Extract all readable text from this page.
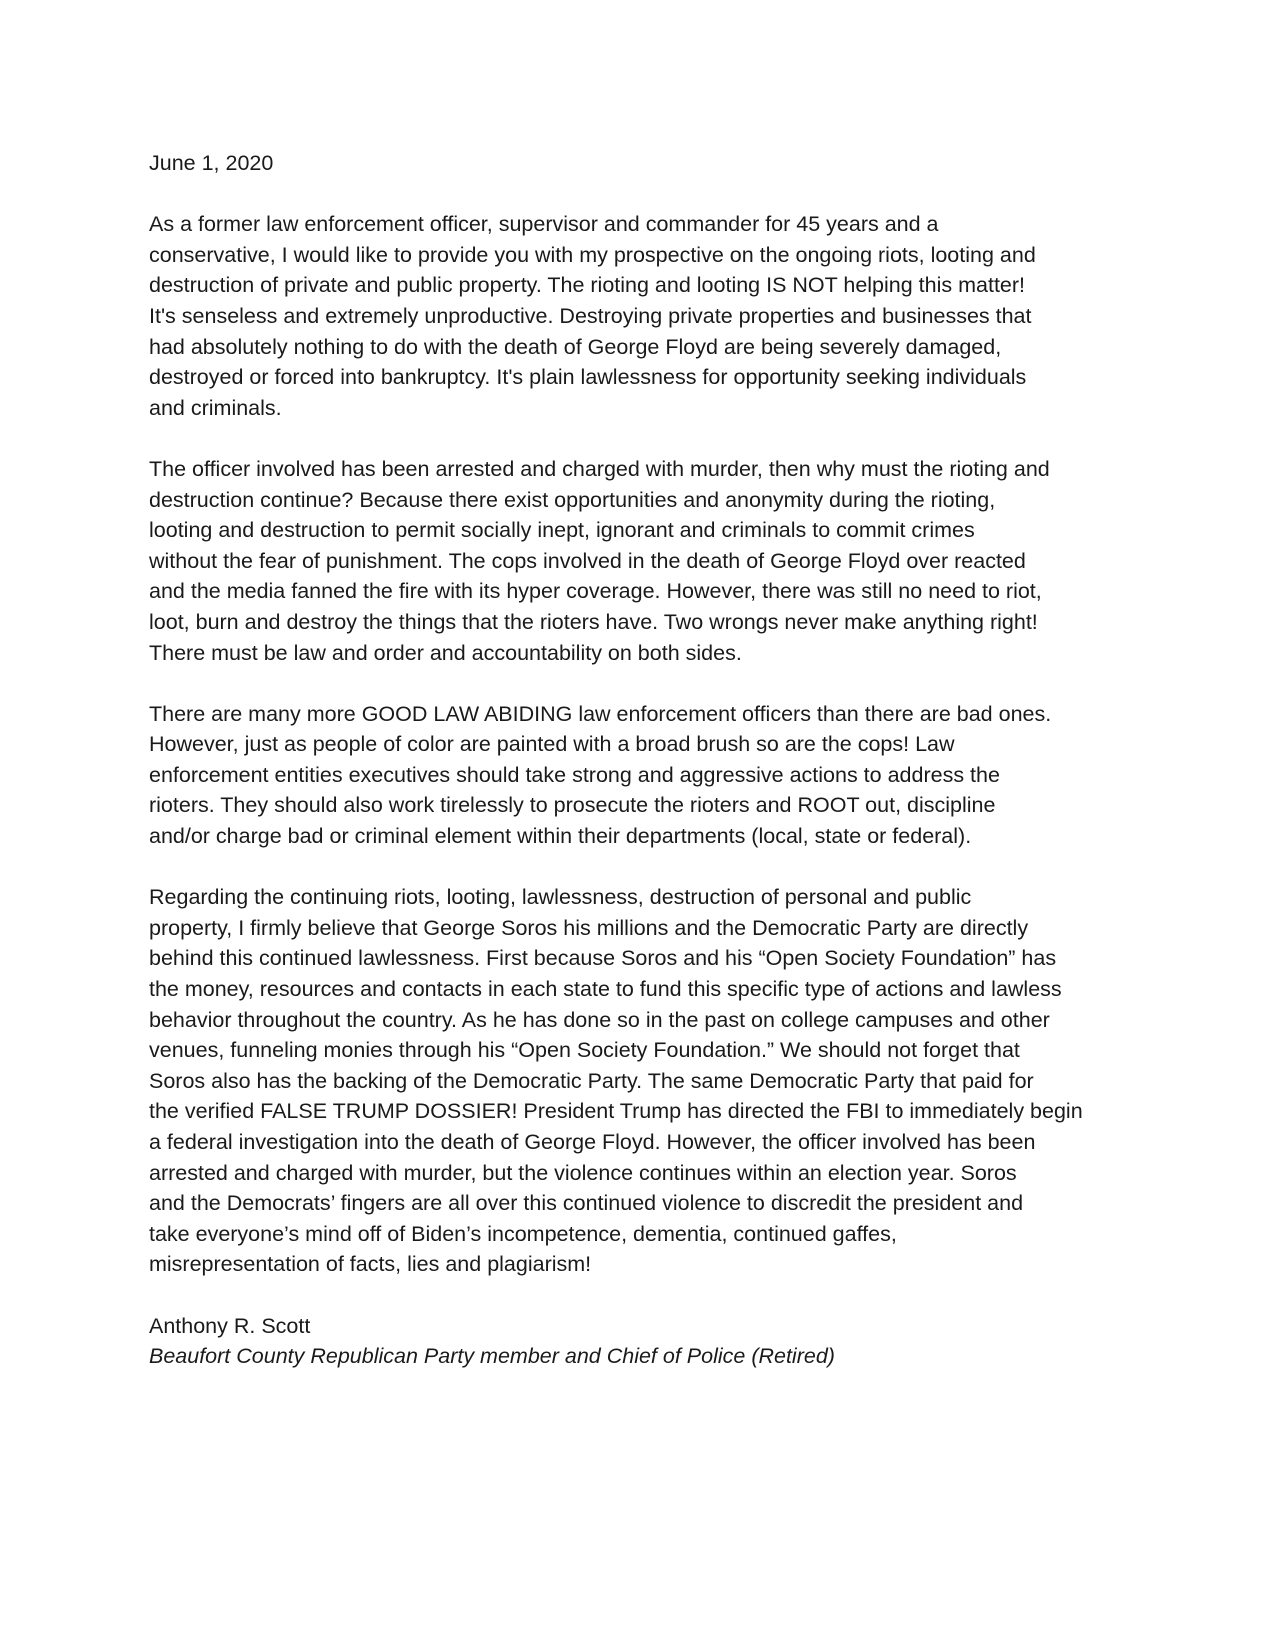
June 1, 2020
As a former law enforcement officer, supervisor and commander for 45 years and a
conservative, I would like to provide you with my prospective on the ongoing riots, looting and
destruction of private and public property. The rioting and looting IS NOT helping this matter!
It's senseless and extremely unproductive. Destroying private properties and businesses that
had absolutely nothing to do with the death of George Floyd are being severely damaged,
destroyed or forced into bankruptcy. It's plain lawlessness for opportunity seeking individuals
and criminals.
The officer involved has been arrested and charged with murder, then why must the rioting and
destruction continue? Because there exist opportunities and anonymity during the rioting,
looting and destruction to permit socially inept, ignorant and criminals to commit crimes
without the fear of punishment. The cops involved in the death of George Floyd over reacted
and the media fanned the fire with its hyper coverage. However, there was still no need to riot,
loot, burn and destroy the things that the rioters have. Two wrongs never make anything right!
There must be law and order and accountability on both sides.
There are many more GOOD LAW ABIDING law enforcement officers than there are bad ones.
However, just as people of color are painted with a broad brush so are the cops! Law
enforcement entities executives should take strong and aggressive actions to address the
rioters. They should also work tirelessly to prosecute the rioters and ROOT out, discipline
and/or charge bad or criminal element within their departments (local, state or federal).
Regarding the continuing riots, looting, lawlessness, destruction of personal and public
property, I firmly believe that George Soros his millions and the Democratic Party are directly
behind this continued lawlessness. First because Soros and his “Open Society Foundation” has
the money, resources and contacts in each state to fund this specific type of actions and lawless
behavior throughout the country. As he has done so in the past on college campuses and other
venues, funneling monies through his “Open Society Foundation.” We should not forget that
Soros also has the backing of the Democratic Party. The same Democratic Party that paid for
the verified FALSE TRUMP DOSSIER! President Trump has directed the FBI to immediately begin
a federal investigation into the death of George Floyd. However, the officer involved has been
arrested and charged with murder, but the violence continues within an election year. Soros
and the Democrats’ fingers are all over this continued violence to discredit the president and
take everyone’s mind off of Biden’s incompetence, dementia, continued gaffes,
misrepresentation of facts, lies and plagiarism!
Anthony R. Scott
Beaufort County Republican Party member and Chief of Police (Retired)
